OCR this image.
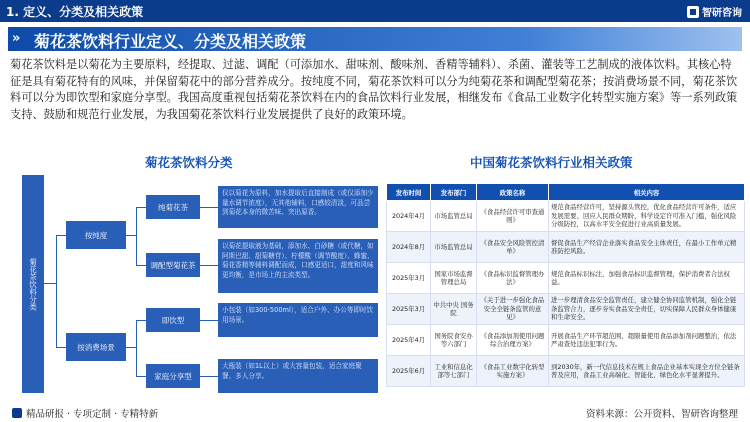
1. 定义、分类及相关政策	智研咨询
» 菊花茶饮料行业定义、分类及相关政策

菊花茶饮料是以菊花为主要原料，经提取、过滤、调配（可添加水、甜味剂、酸味剂、香精等辅料）、杀菌、灌装等工艺制成的液体饮料。其核心特征是具有菊花特有的风味，并保留菊花中的部分营养成分。按纯度不同，菊花茶饮料可以分为纯菊花茶和调配型菊花茶；按消费场景不同，菊花茶饮料可以分为即饮型和家庭分享型。我国高度重视包括菊花茶饮料在内的食品饮料行业发展，相继发布《食品工业数字化转型实施方案》等一系列政策支持、鼓励和规范行业发展，为我国菊花茶饮料行业发展提供了良好的政策环境。

菊花茶饮料分类	中国菊花茶饮料行业相关政策
菊花茶饮料分类
按纯度
按消费场景
纯菊花茶
调配型菊花茶
即饮型
家庭分享型
仅以菊花为原料，加水提取后直接制成（或仅添加少量水调节浓度），无其他辅料，口感较清淡，可品尝到菊花本身的微苦味、突出原香。
以菊花提取液为基础，添加水、白砂糖（或代糖，如阿斯巴甜、甜菊糖苷）、柠檬酸（调节酸度）、蜂蜜、菊花香精等辅料调配而成，口感更适口，甜度和风味更均衡，是市场上的主流类型。
小包装（如300-500ml），适合户外、办公等即时饮用场景。
大瓶装（如1L以上）或大容量包装，适合家庭聚餐、多人分享。
发布时间	发布部门	政策名称	相关内容
2024年4月	市场监管总局	《食品经营许可审查通则》	规范食品经营许可，坚持源头管控，优化食品经营许可条件，适应发展需要、回应人民群众期盼，科学设定许可准入门槛，强化风险分级防控，以高水平安全促进行业高质量发展。
2024年8月	市场监管总局	《食品安全风险管控清单》	督促食品生产经营企业落实食品安全主体责任，在最小工作单元精准防控风险。
2025年3月	国家市场监督管理总局	《食品标识监督管理办法》	规范食品标识标注，加强食品标识监督管理，保护消费者合法权益。
2025年3月	中共中央 国务院	《关于进一步强化食品安全全链条监管的意见》	进一步理清食品安全监管责任，建立健全协同监管机制，强化全链条监管合力，逐步夯实食品安全责任，切实保障人民群众身体健康和生命安全。
2025年4月	国务院食安办等六部门	《食品添加剂使用问题综合治理方案》	开展食品生产环节超范围、超限量使用食品添加剂问题整治，依法严肃查处违法犯罪行为。
2025年6月	工业和信息化部等七部门	《食品工业数字化转型实施方案》	到2030年，新一代信息技术在规上食品企业基本实现全方位全链条普及应用，食品工业高端化、智能化、绿色化水平显著提升。
精品研报 · 专项定制 · 专精特新	资料来源：公开资料、智研咨询整理
